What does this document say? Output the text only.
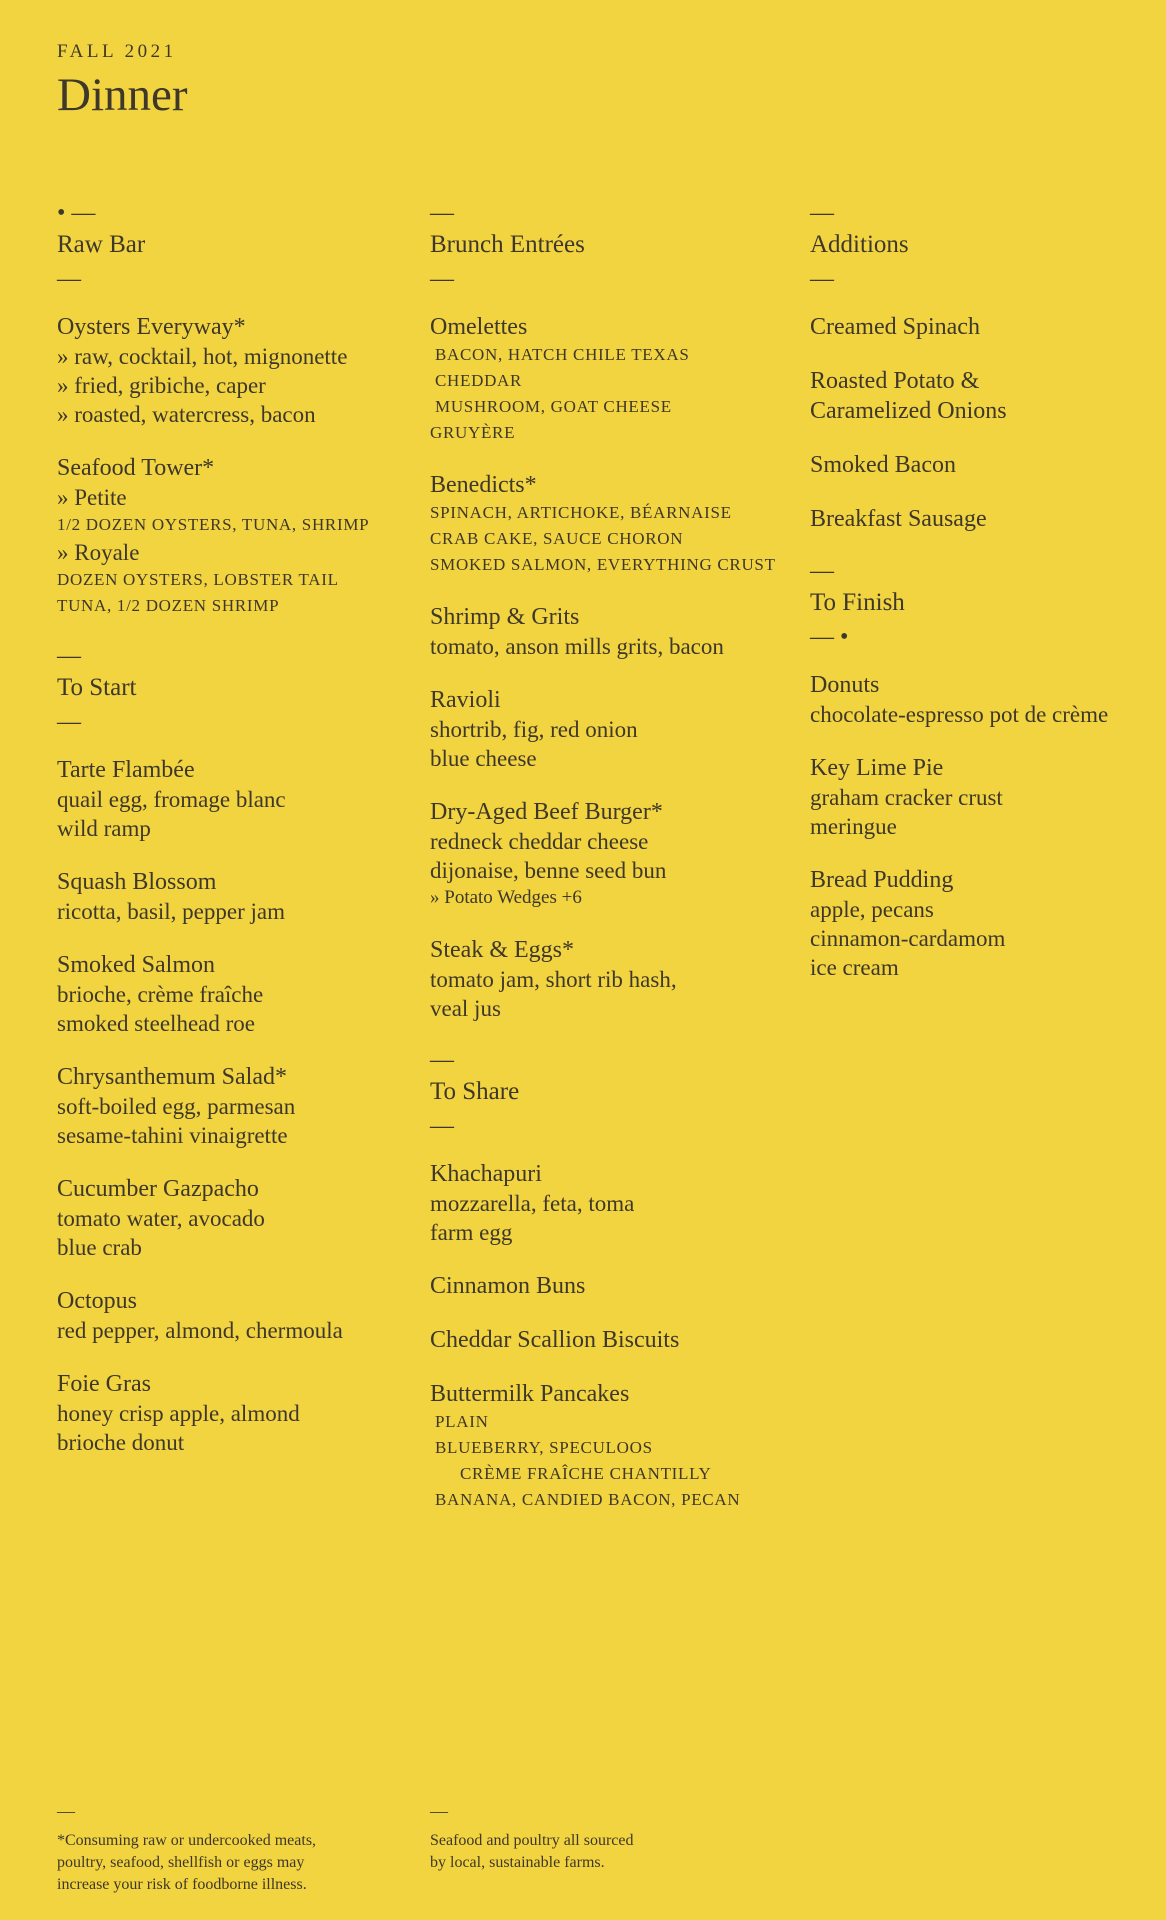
FALL 2021
Dinner
• —
Raw Bar
—
Oysters Everyway*
» raw, cocktail, hot, mignonette
» fried, gribiche, caper
» roasted, watercress, bacon
Seafood Tower*
» Petite
1/2 DOZEN OYSTERS, TUNA, SHRIMP
» Royale
DOZEN OYSTERS, LOBSTER TAIL
TUNA, 1/2 DOZEN SHRIMP
—
To Start
—
Tarte Flambée
quail egg, fromage blanc
wild ramp
Squash Blossom
ricotta, basil, pepper jam
Smoked Salmon
brioche, crème fraîche
smoked steelhead roe
Chrysanthemum Salad*
soft-boiled egg, parmesan
sesame-tahini vinaigrette
Cucumber Gazpacho
tomato water, avocado
blue crab
Octopus
red pepper, almond, chermoula
Foie Gras
honey crisp apple, almond
brioche donut
—
Brunch Entrées
—
Omelettes
BACON, HATCH CHILE TEXAS CHEDDAR
MUSHROOM, GOAT CHEESE
GRUYÈRE
Benedicts*
SPINACH, ARTICHOKE, BÉARNAISE
CRAB CAKE, SAUCE CHORON
SMOKED SALMON, EVERYTHING CRUST
Shrimp & Grits
tomato, anson mills grits, bacon
Ravioli
shortrib, fig, red onion
blue cheese
Dry-Aged Beef Burger*
redneck cheddar cheese
dijonaise, benne seed bun
» Potato Wedges +6
Steak & Eggs*
tomato jam, short rib hash,
veal jus
—
To Share
—
Khachapuri
mozzarella, feta, toma
farm egg
Cinnamon Buns
Cheddar Scallion Biscuits
Buttermilk Pancakes
PLAIN
BLUEBERRY, SPECULOOS
CRÈME FRAÎCHE CHANTILLY
BANANA, CANDIED BACON, PECAN
—
Additions
—
Creamed Spinach
Roasted Potato &
Caramelized Onions
Smoked Bacon
Breakfast Sausage
—
To Finish
— •
Donuts
chocolate-espresso pot de crème
Key Lime Pie
graham cracker crust
meringue
Bread Pudding
apple, pecans
cinnamon-cardamom
ice cream
—
*Consuming raw or undercooked meats,
poultry, seafood, shellfish or eggs may
increase your risk of foodborne illness.
—
Seafood and poultry all sourced
by local, sustainable farms.
